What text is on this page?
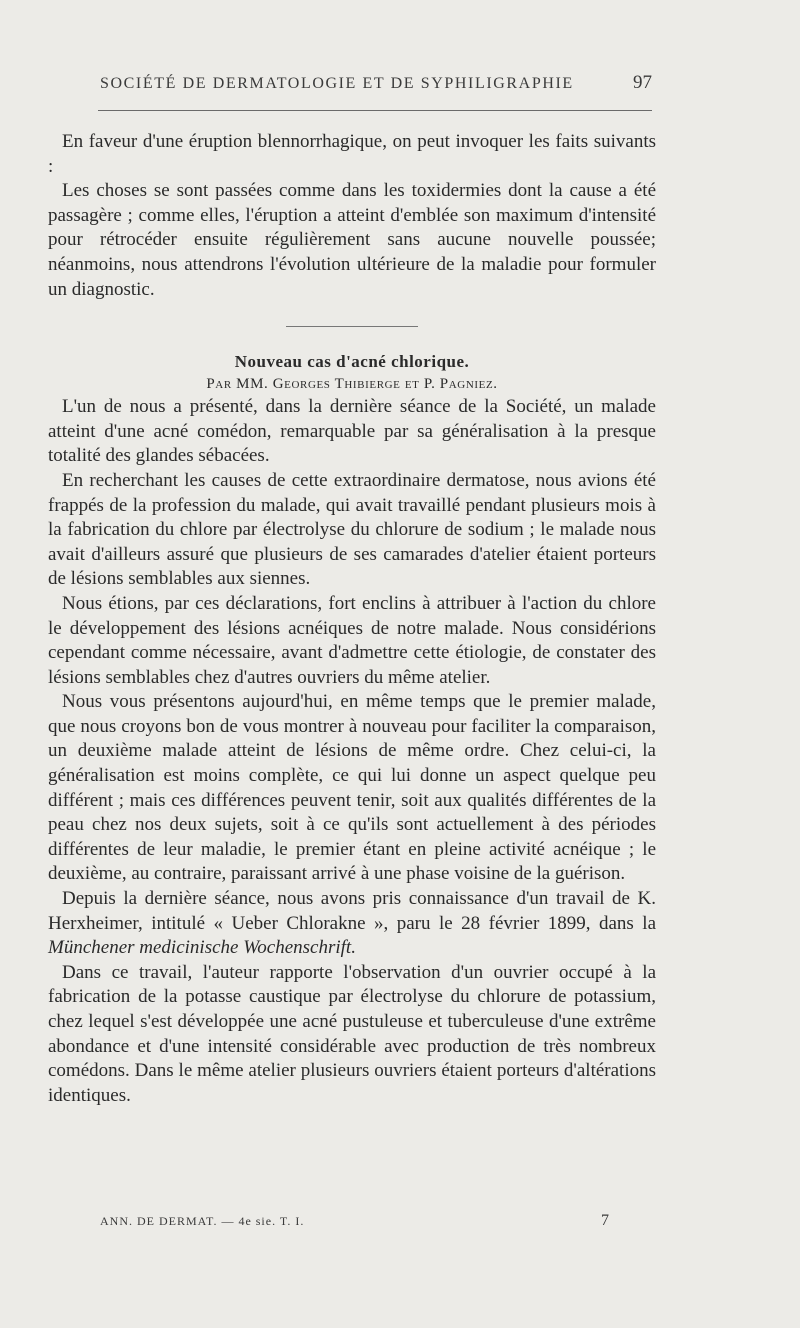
SOCIÉTÉ DE DERMATOLOGIE ET DE SYPHILIGRAPHIE	97

En faveur d'une éruption blennorrhagique, on peut invoquer les faits suivants :

Les choses se sont passées comme dans les toxidermies dont la cause a été passagère ; comme elles, l'éruption a atteint d'emblée son maximum d'intensité pour rétrocéder ensuite régulièrement sans aucune nouvelle poussée; néanmoins, nous attendrons l'évolution ultérieure de la maladie pour formuler un diagnostic.

Nouveau cas d'acné chlorique.

Par MM. Georges Thibierge et P. Pagniez.

L'un de nous a présenté, dans la dernière séance de la Société, un malade atteint d'une acné comédon, remarquable par sa généralisation à la presque totalité des glandes sébacées.

En recherchant les causes de cette extraordinaire dermatose, nous avions été frappés de la profession du malade, qui avait travaillé pendant plusieurs mois à la fabrication du chlore par électrolyse du chlorure de sodium ; le malade nous avait d'ailleurs assuré que plusieurs de ses camarades d'atelier étaient porteurs de lésions semblables aux siennes.

Nous étions, par ces déclarations, fort enclins à attribuer à l'action du chlore le développement des lésions acnéiques de notre malade. Nous considérions cependant comme nécessaire, avant d'admettre cette étiologie, de constater des lésions semblables chez d'autres ouvriers du même atelier.

Nous vous présentons aujourd'hui, en même temps que le premier malade, que nous croyons bon de vous montrer à nouveau pour faciliter la comparaison, un deuxième malade atteint de lésions de même ordre. Chez celui-ci, la généralisation est moins complète, ce qui lui donne un aspect quelque peu différent ; mais ces différences peuvent tenir, soit aux qualités différentes de la peau chez nos deux sujets, soit à ce qu'ils sont actuellement à des périodes différentes de leur maladie, le premier étant en pleine activité acnéique ; le deuxième, au contraire, paraissant arrivé à une phase voisine de la guérison.

Depuis la dernière séance, nous avons pris connaissance d'un travail de K. Herxheimer, intitulé « Ueber Chlorakne », paru le 28 février 1899, dans la Münchener medicinische Wochenschrift.

Dans ce travail, l'auteur rapporte l'observation d'un ouvrier occupé à la fabrication de la potasse caustique par électrolyse du chlorure de potassium, chez lequel s'est développée une acné pustuleuse et tuberculeuse d'une extrême abondance et d'une intensité considérable avec production de très nombreux comédons. Dans le même atelier plusieurs ouvriers étaient porteurs d'altérations identiques.

ANN. DE DERMAT. — 4e sie. T. I.	7
